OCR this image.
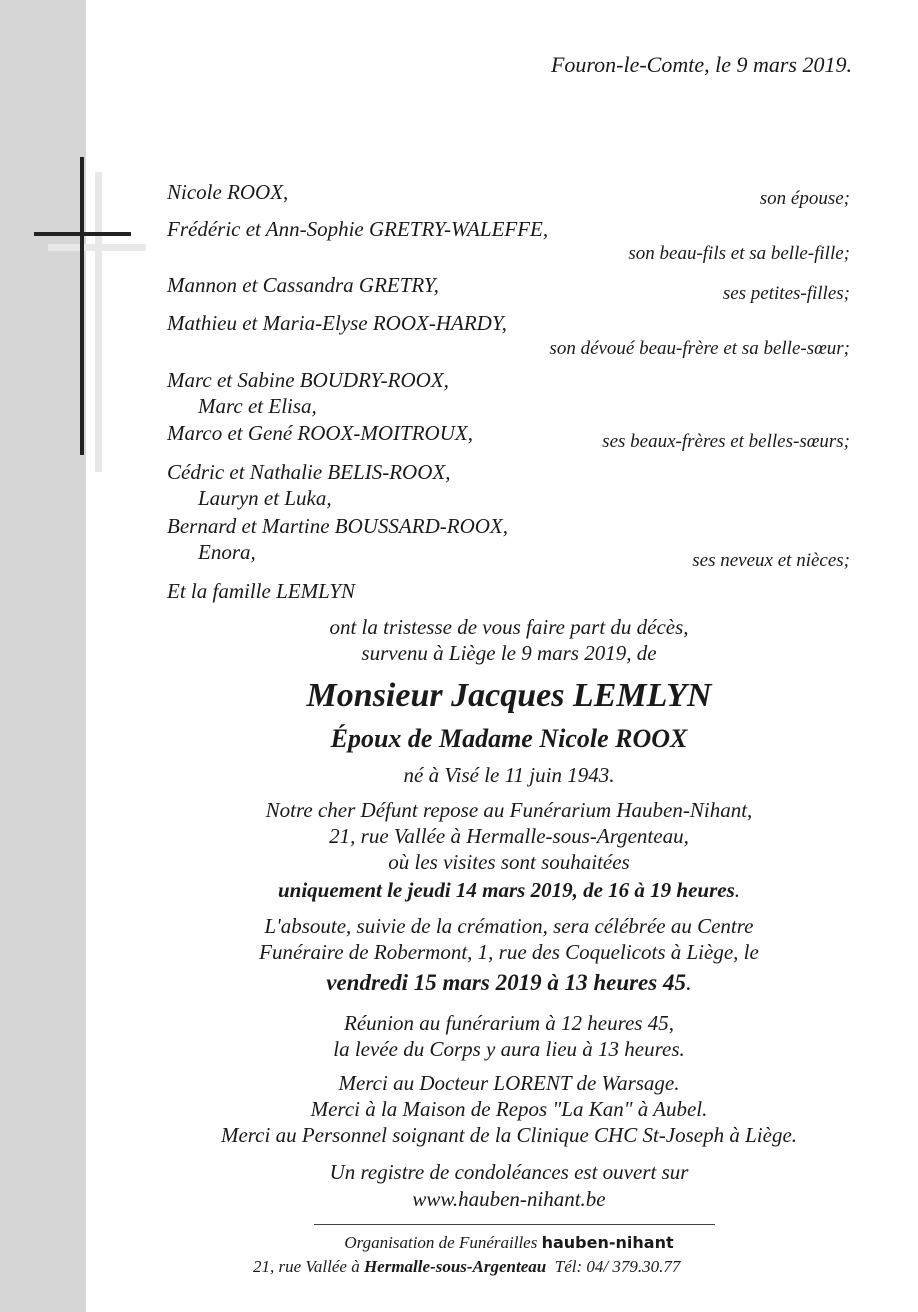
Fouron-le-Comte, le 9 mars 2019.
Nicole ROOX,	son épouse;
Frédéric et Ann-Sophie GRETRY-WALEFFE,
son beau-fils et sa belle-fille;
Mannon et Cassandra GRETRY,	ses petites-filles;
Mathieu et Maria-Elyse ROOX-HARDY,
son dévoué beau-frère et sa belle-sœur;
Marc et Sabine BOUDRY-ROOX,
Marc et Elisa,
Marco et Gené ROOX-MOITROUX,	ses beaux-frères et belles-sœurs;
Cédric et Nathalie BELIS-ROOX,
Lauryn et Luka,
Bernard et Martine BOUSSARD-ROOX,
Enora,	ses neveux et nièces;
Et la famille LEMLYN
ont la tristesse de vous faire part du décès,
survenu à Liège le 9 mars 2019, de
Monsieur Jacques LEMLYN
Époux de Madame Nicole ROOX
né à Visé le 11 juin 1943.
Notre cher Défunt repose au Funérarium Hauben-Nihant,
21, rue Vallée à Hermalle-sous-Argenteau,
où les visites sont souhaitées
uniquement le jeudi 14 mars 2019, de 16 à 19 heures.
L'absoute, suivie de la crémation, sera célébrée au Centre
Funéraire de Robermont, 1, rue des Coquelicots à Liège, le
vendredi 15 mars 2019 à 13 heures 45.
Réunion au funérarium à 12 heures 45,
la levée du Corps y aura lieu à 13 heures.
Merci au Docteur LORENT de Warsage.
Merci à la Maison de Repos "La Kan" à Aubel.
Merci au Personnel soignant de la Clinique CHC St-Joseph à Liège.
Un registre de condoléances est ouvert sur
www.hauben-nihant.be
Organisation de Funérailles hauben-nihant
21, rue Vallée à Hermalle-sous-Argenteau Tél: 04/ 379.30.77
